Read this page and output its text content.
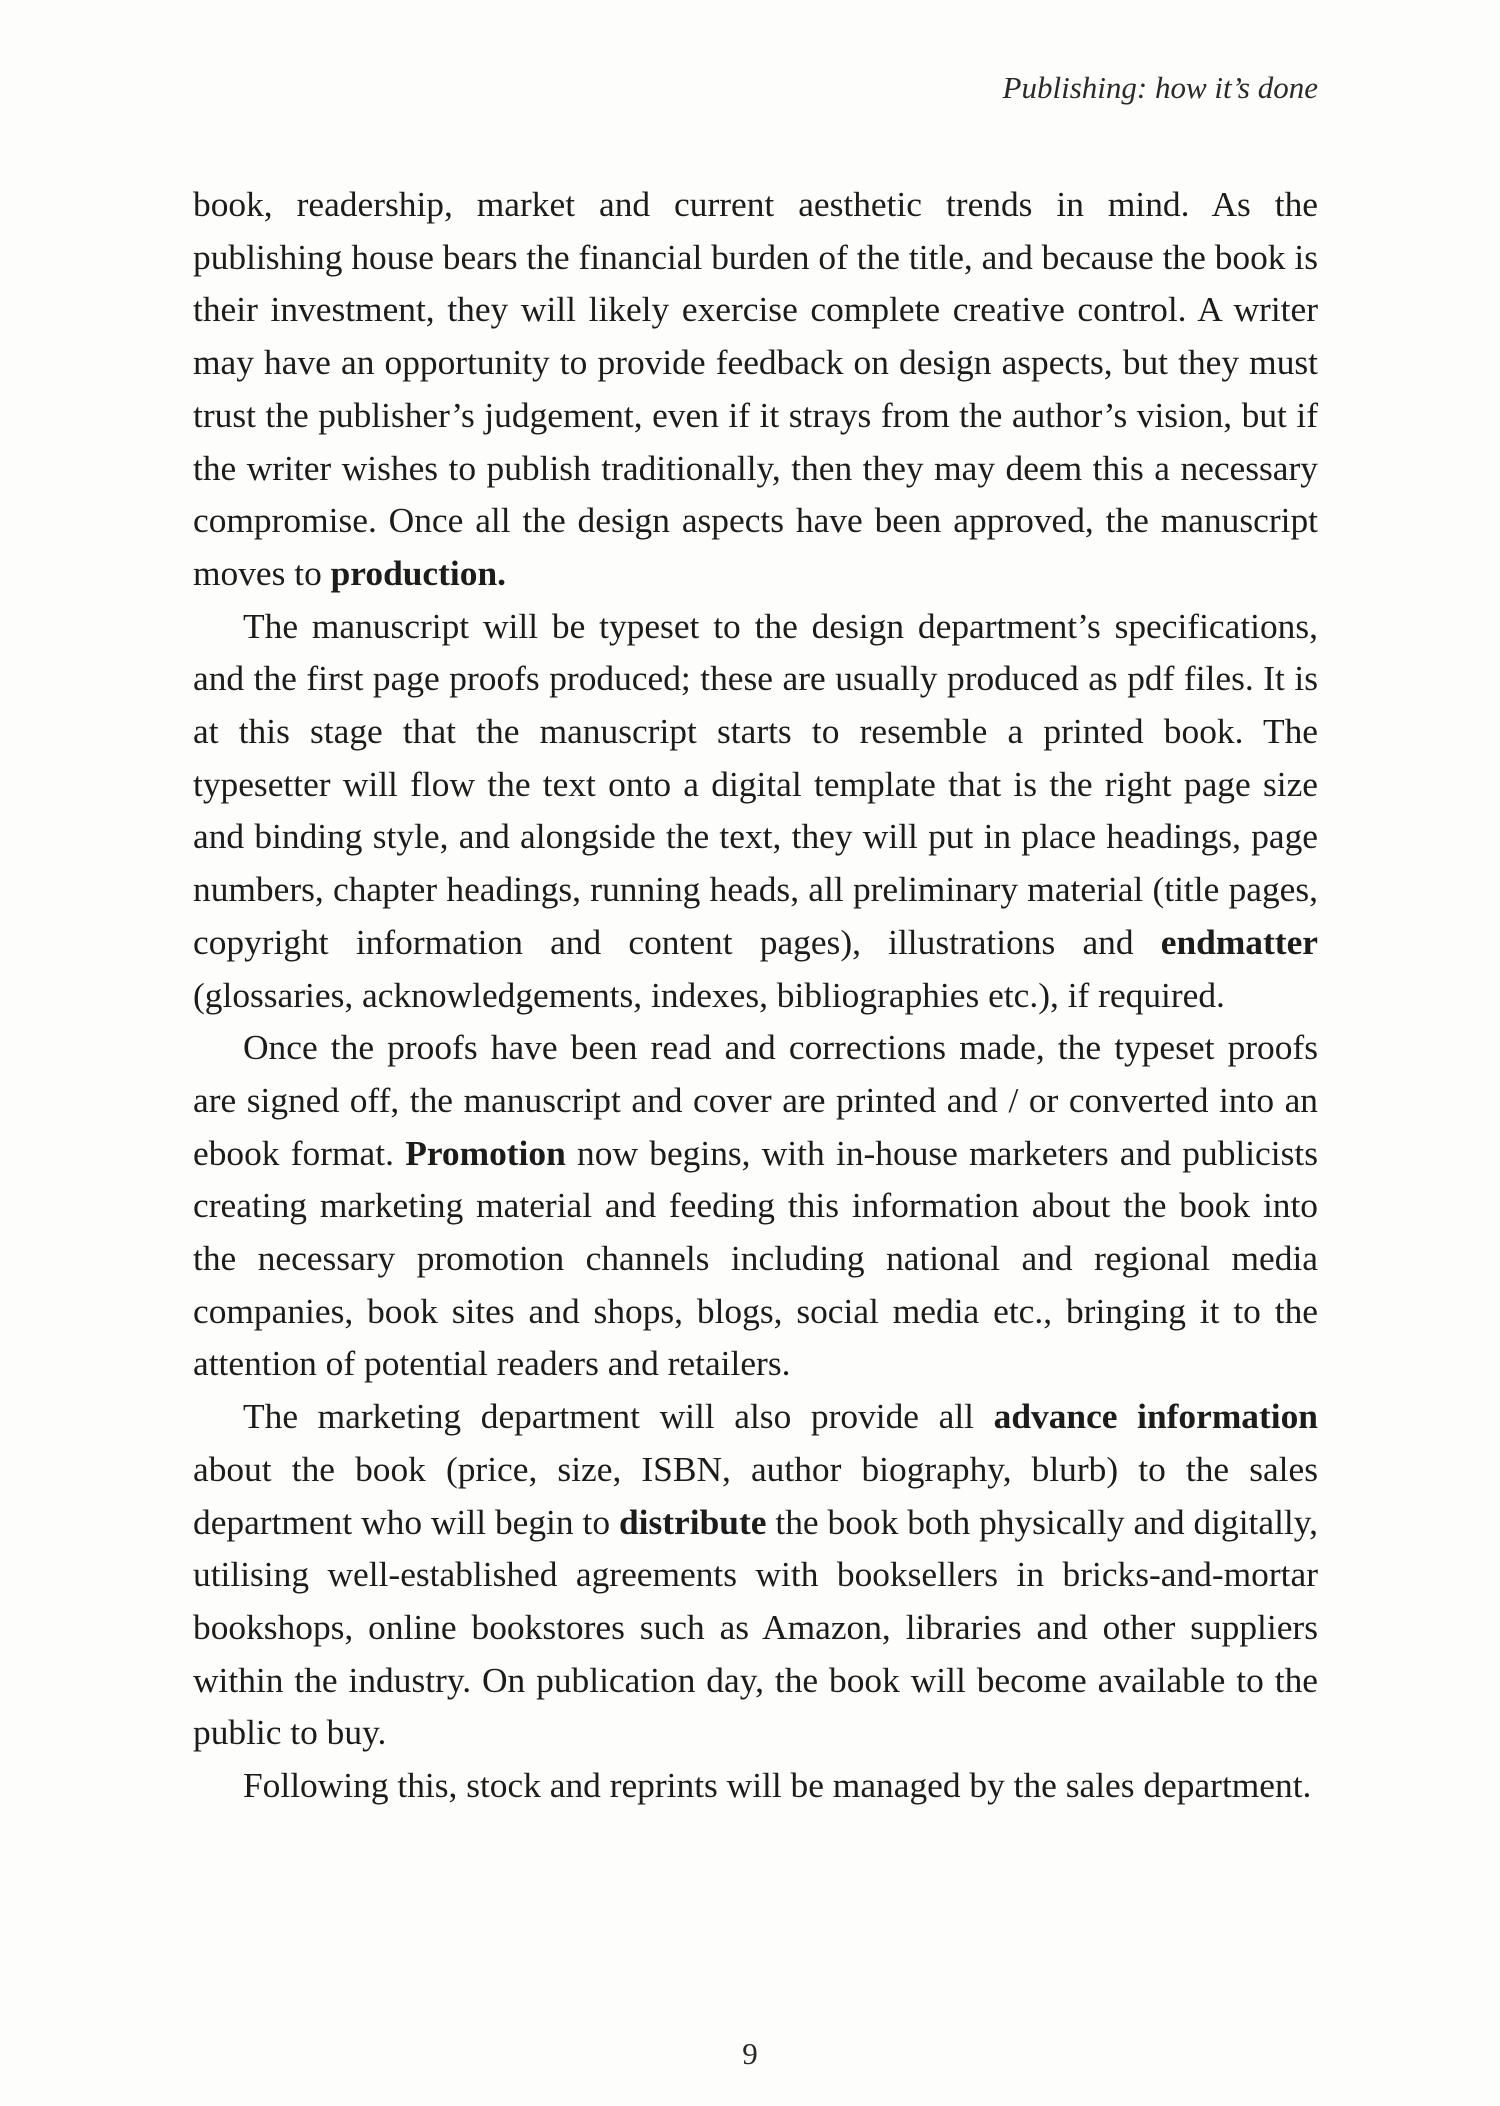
Publishing: how it’s done

book, readership, market and current aesthetic trends in mind. As the publishing house bears the financial burden of the title, and because the book is their investment, they will likely exercise complete creative control. A writer may have an opportunity to provide feedback on design aspects, but they must trust the publisher’s judgement, even if it strays from the author’s vision, but if the writer wishes to publish traditionally, then they may deem this a necessary compromise. Once all the design aspects have been approved, the manuscript moves to production.

The manuscript will be typeset to the design department’s specifications, and the first page proofs produced; these are usually produced as pdf files. It is at this stage that the manuscript starts to resemble a printed book. The typesetter will flow the text onto a digital template that is the right page size and binding style, and alongside the text, they will put in place headings, page numbers, chapter headings, running heads, all preliminary material (title pages, copyright information and content pages), illustrations and endmatter (glossaries, acknowledgements, indexes, bibliographies etc.), if required.

Once the proofs have been read and corrections made, the typeset proofs are signed off, the manuscript and cover are printed and / or converted into an ebook format. Promotion now begins, with in-house marketers and publicists creating marketing material and feeding this information about the book into the necessary promotion channels including national and regional media companies, book sites and shops, blogs, social media etc., bringing it to the attention of potential readers and retailers.

The marketing department will also provide all advance information about the book (price, size, ISBN, author biography, blurb) to the sales department who will begin to distribute the book both physically and digitally, utilising well-established agreements with booksellers in bricks-and-mortar bookshops, online bookstores such as Amazon, libraries and other suppliers within the industry. On publication day, the book will become available to the public to buy.

Following this, stock and reprints will be managed by the sales department.

9
